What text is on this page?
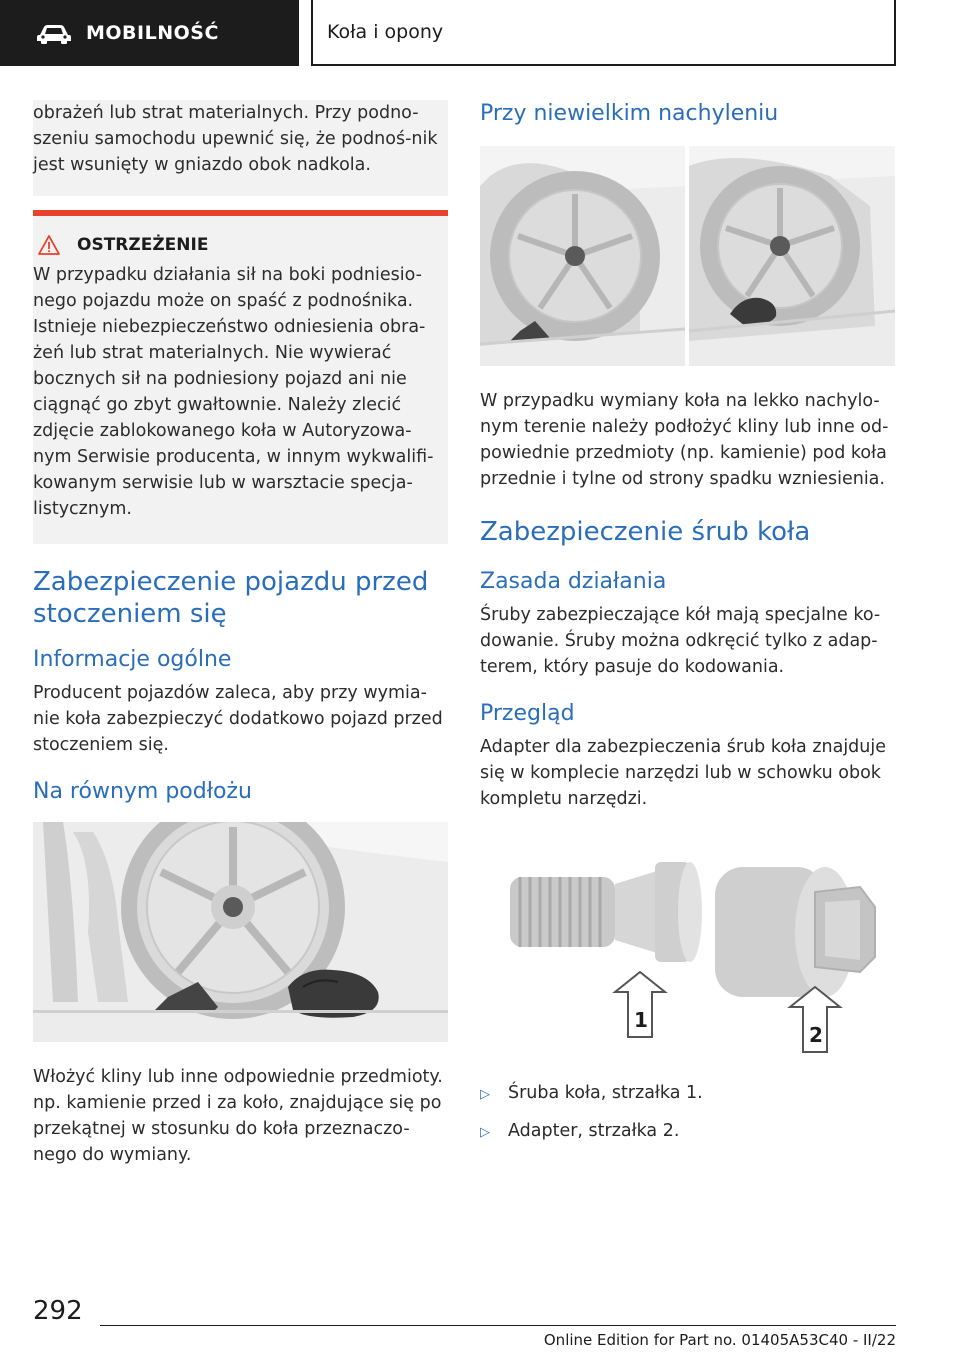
MOBILNOŚĆ	Koła i opony

obrażeń lub strat materialnych. Przy podno-szeniu samochodu upewnić się, że podnoś-nik jest wsunięty w gniazdo obok nadkola.

OSTRZEŻENIE

W przypadku działania sił na boki podniesio-nego pojazdu może on spaść z podnośnika. Istnieje niebezpieczeństwo odniesienia obra-żeń lub strat materialnych. Nie wywierać bocznych sił na podniesiony pojazd ani nie ciągnąć go zbyt gwałtownie. Należy zlecić zdjęcie zablokowanego koła w Autoryzowa-nym Serwisie producenta, w innym wykwalifi-kowanym serwisie lub w warsztacie specja-listycznym.

Zabezpieczenie pojazdu przed stoczeniem się
Informacje ogólne

Producent pojazdów zaleca, aby przy wymia-nie koła zabezpieczyć dodatkowo pojazd przed stoczeniem się.

Na równym podłożu

Włożyć kliny lub inne odpowiednie przedmioty. np. kamienie przed i za koło, znajdujące się po przekątnej w stosunku do koła przeznaczo-nego do wymiany.

Przy niewielkim nachyleniu

W przypadku wymiany koła na lekko nachylo-nym terenie należy podłożyć kliny lub inne od-powiednie przedmioty (np. kamienie) pod koła przednie i tylne od strony spadku wzniesienia.

Zabezpieczenie śrub koła
Zasada działania

Śruby zabezpieczające kół mają specjalne ko-dowanie. Śruby można odkręcić tylko z adap-terem, który pasuje do kodowania.

Przegląd

Adapter dla zabezpieczenia śrub koła znajduje się w komplecie narzędzi lub w schowku obok kompletu narzędzi.

1
2
▷	Śruba koła, strzałka 1.
▷	Adapter, strzałka 2.
292
Online Edition for Part no. 01405A53C40 - II/22
